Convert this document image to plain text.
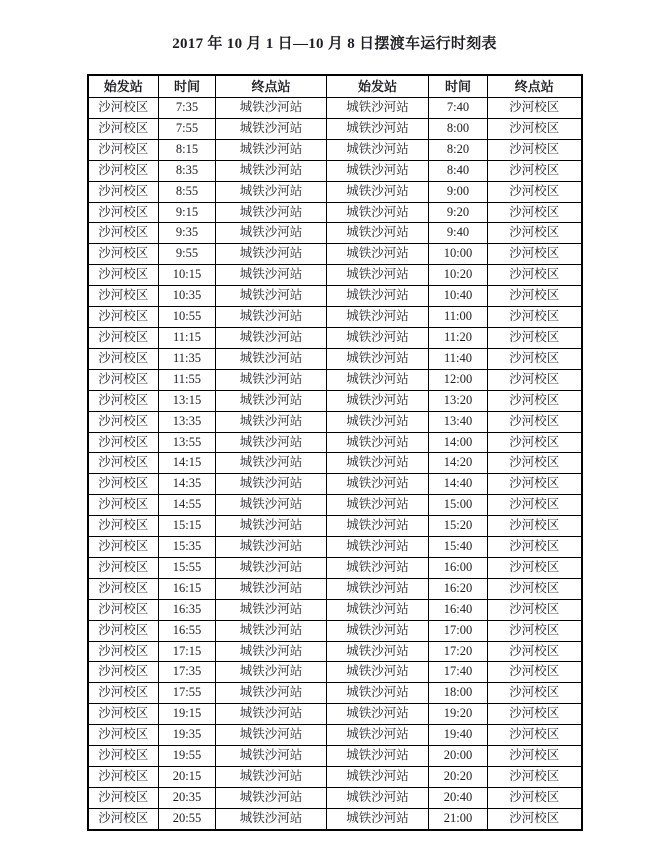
2017 年 10 月 1 日—10 月 8 日摆渡车运行时刻表
始发站	时间	终点站	始发站	时间	终点站
沙河校区	7:35	城铁沙河站	城铁沙河站	7:40	沙河校区
沙河校区	7:55	城铁沙河站	城铁沙河站	8:00	沙河校区
沙河校区	8:15	城铁沙河站	城铁沙河站	8:20	沙河校区
沙河校区	8:35	城铁沙河站	城铁沙河站	8:40	沙河校区
沙河校区	8:55	城铁沙河站	城铁沙河站	9:00	沙河校区
沙河校区	9:15	城铁沙河站	城铁沙河站	9:20	沙河校区
沙河校区	9:35	城铁沙河站	城铁沙河站	9:40	沙河校区
沙河校区	9:55	城铁沙河站	城铁沙河站	10:00	沙河校区
沙河校区	10:15	城铁沙河站	城铁沙河站	10:20	沙河校区
沙河校区	10:35	城铁沙河站	城铁沙河站	10:40	沙河校区
沙河校区	10:55	城铁沙河站	城铁沙河站	11:00	沙河校区
沙河校区	11:15	城铁沙河站	城铁沙河站	11:20	沙河校区
沙河校区	11:35	城铁沙河站	城铁沙河站	11:40	沙河校区
沙河校区	11:55	城铁沙河站	城铁沙河站	12:00	沙河校区
沙河校区	13:15	城铁沙河站	城铁沙河站	13:20	沙河校区
沙河校区	13:35	城铁沙河站	城铁沙河站	13:40	沙河校区
沙河校区	13:55	城铁沙河站	城铁沙河站	14:00	沙河校区
沙河校区	14:15	城铁沙河站	城铁沙河站	14:20	沙河校区
沙河校区	14:35	城铁沙河站	城铁沙河站	14:40	沙河校区
沙河校区	14:55	城铁沙河站	城铁沙河站	15:00	沙河校区
沙河校区	15:15	城铁沙河站	城铁沙河站	15:20	沙河校区
沙河校区	15:35	城铁沙河站	城铁沙河站	15:40	沙河校区
沙河校区	15:55	城铁沙河站	城铁沙河站	16:00	沙河校区
沙河校区	16:15	城铁沙河站	城铁沙河站	16:20	沙河校区
沙河校区	16:35	城铁沙河站	城铁沙河站	16:40	沙河校区
沙河校区	16:55	城铁沙河站	城铁沙河站	17:00	沙河校区
沙河校区	17:15	城铁沙河站	城铁沙河站	17:20	沙河校区
沙河校区	17:35	城铁沙河站	城铁沙河站	17:40	沙河校区
沙河校区	17:55	城铁沙河站	城铁沙河站	18:00	沙河校区
沙河校区	19:15	城铁沙河站	城铁沙河站	19:20	沙河校区
沙河校区	19:35	城铁沙河站	城铁沙河站	19:40	沙河校区
沙河校区	19:55	城铁沙河站	城铁沙河站	20:00	沙河校区
沙河校区	20:15	城铁沙河站	城铁沙河站	20:20	沙河校区
沙河校区	20:35	城铁沙河站	城铁沙河站	20:40	沙河校区
沙河校区	20:55	城铁沙河站	城铁沙河站	21:00	沙河校区
